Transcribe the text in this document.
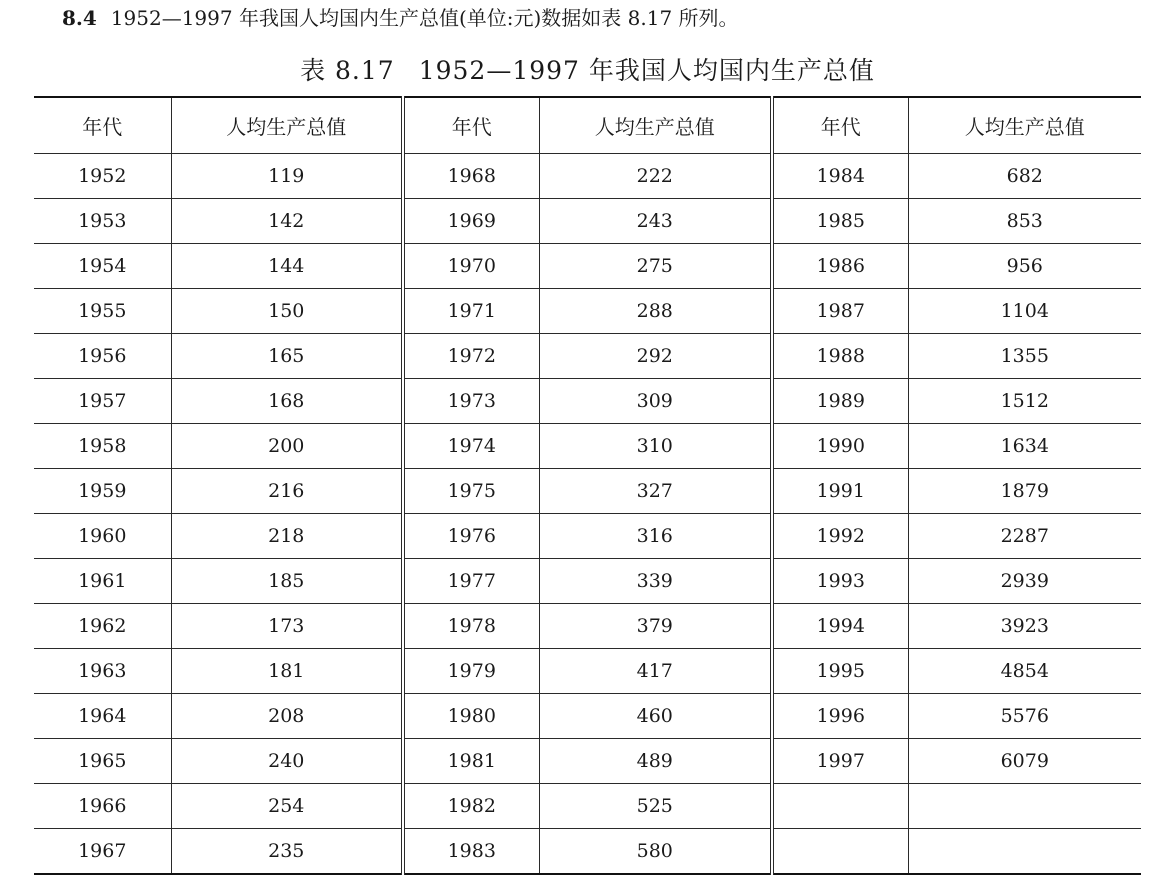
8.4 1952—1997 年我国人均国内生产总值(单位:元)数据如表 8.17 所列。
表 8.17 1952—1997 年我国人均国内生产总值
年代	人均生产总值	年代	人均生产总值	年代	人均生产总值
1952	119	1968	222	1984	682
1953	142	1969	243	1985	853
1954	144	1970	275	1986	956
1955	150	1971	288	1987	1104
1956	165	1972	292	1988	1355
1957	168	1973	309	1989	1512
1958	200	1974	310	1990	1634
1959	216	1975	327	1991	1879
1960	218	1976	316	1992	2287
1961	185	1977	339	1993	2939
1962	173	1978	379	1994	3923
1963	181	1979	417	1995	4854
1964	208	1980	460	1996	5576
1965	240	1981	489	1997	6079
1966	254	1982	525		
1967	235	1983	580		
